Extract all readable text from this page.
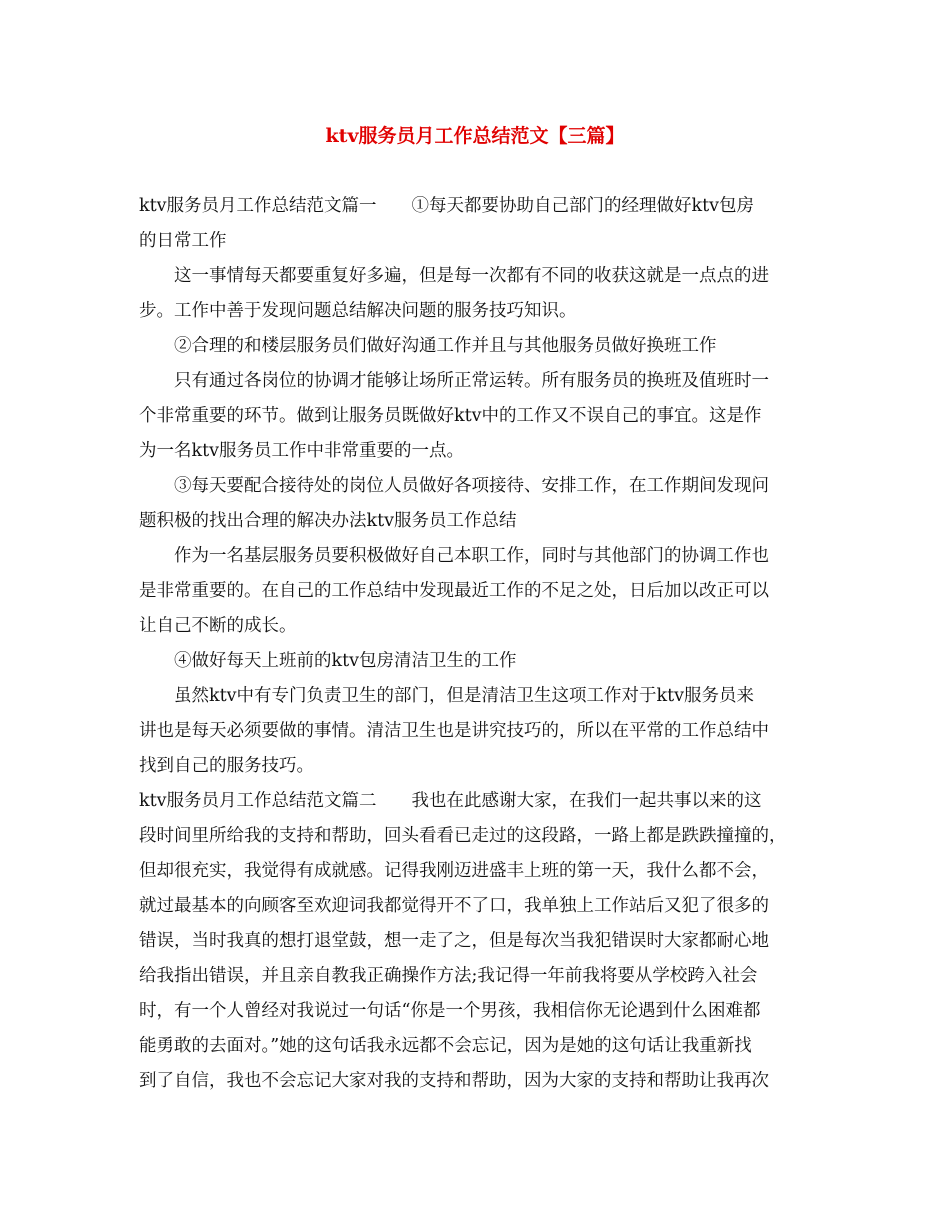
ktv服务员月工作总结范文【三篇】
ktv服务员月工作总结范文篇一　　①每天都要协助自己部门的经理做好ktv包房
的日常工作
　　这一事情每天都要重复好多遍，但是每一次都有不同的收获这就是一点点的进
步。工作中善于发现问题总结解决问题的服务技巧知识。
　　②合理的和楼层服务员们做好沟通工作并且与其他服务员做好换班工作
　　只有通过各岗位的协调才能够让场所正常运转。所有服务员的换班及值班时一
个非常重要的环节。做到让服务员既做好ktv中的工作又不误自己的事宜。这是作
为一名ktv服务员工作中非常重要的一点。
　　③每天要配合接待处的岗位人员做好各项接待、安排工作，在工作期间发现问
题积极的找出合理的解决办法ktv服务员工作总结
　　作为一名基层服务员要积极做好自己本职工作，同时与其他部门的协调工作也
是非常重要的。在自己的工作总结中发现最近工作的不足之处，日后加以改正可以
让自己不断的成长。
　　④做好每天上班前的ktv包房清洁卫生的工作
　　虽然ktv中有专门负责卫生的部门，但是清洁卫生这项工作对于ktv服务员来
讲也是每天必须要做的事情。清洁卫生也是讲究技巧的，所以在平常的工作总结中
找到自己的服务技巧。
ktv服务员月工作总结范文篇二　　我也在此感谢大家，在我们一起共事以来的这
段时间里所给我的支持和帮助，回头看看已走过的这段路，一路上都是跌跌撞撞的，
但却很充实，我觉得有成就感。记得我刚迈进盛丰上班的第一天，我什么都不会，
就过最基本的向顾客至欢迎词我都觉得开不了口，我单独上工作站后又犯了很多的
错误，当时我真的想打退堂鼓，想一走了之，但是每次当我犯错误时大家都耐心地
给我指出错误，并且亲自教我正确操作方法;我记得一年前我将要从学校跨入社会
时，有一个人曾经对我说过一句话“你是一个男孩，我相信你无论遇到什么困难都
能勇敢的去面对。”她的这句话我永远都不会忘记，因为是她的这句话让我重新找
到了自信，我也不会忘记大家对我的支持和帮助，因为大家的支持和帮助让我再次
